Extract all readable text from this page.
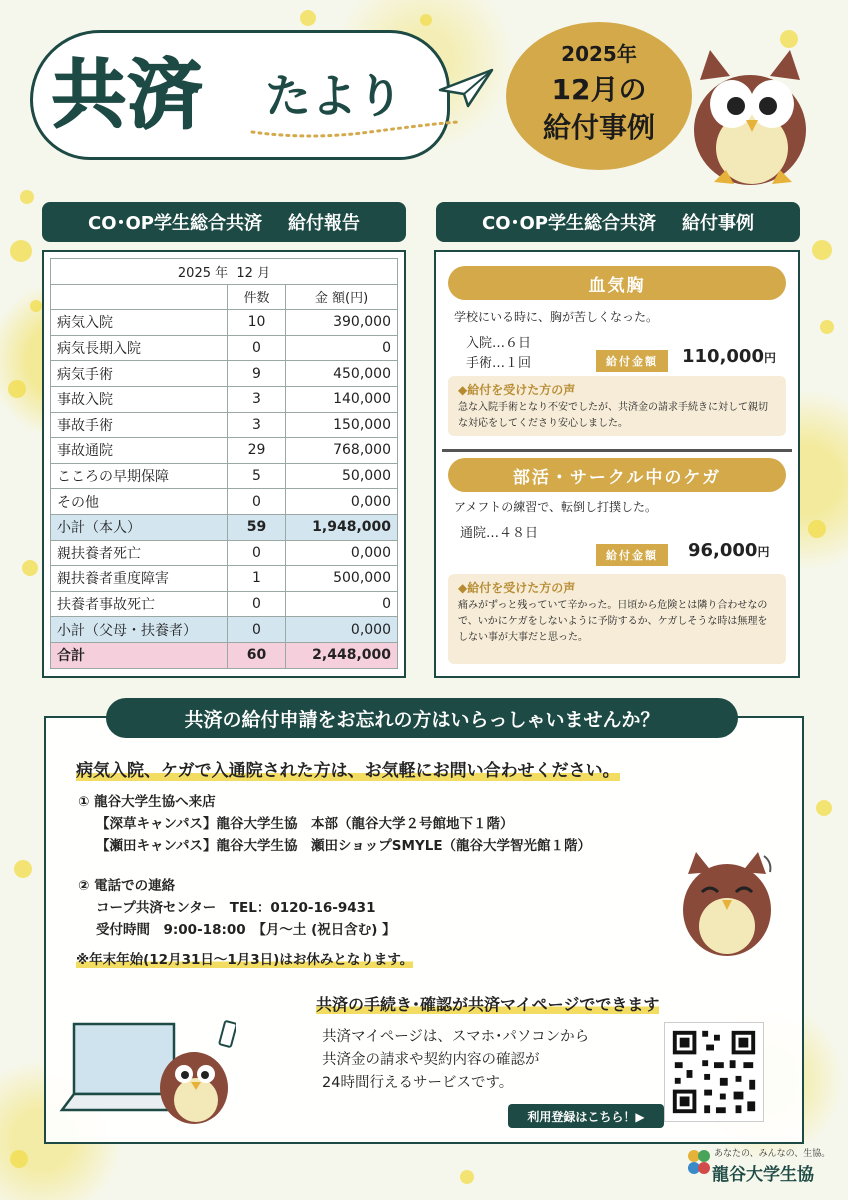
共済 たより
2025年
12月の
給付事例
CO･OP学生総合共済 給付報告	CO･OP学生総合共済 給付事例
2025 年 12 月		
	件数	金 額(円)
病気入院	10	390,000
病気長期入院	0	0
病気手術	9	450,000
事故入院	3	140,000
事故手術	3	150,000
事故通院	29	768,000
こころの早期保障	5	50,000
その他	0	0,000
小計（本人）	59	1,948,000
親扶養者死亡	0	0,000
親扶養者重度障害	1	500,000
扶養者事故死亡	0	0
小計（父母・扶養者）	0	0,000
合計	60	2,448,000
血気胸
学校にいる時に、胸が苦しくなった。
入院…６日
手術…１回	給付金額	110,000円
◆給付を受けた方の声
急な入院手術となり不安でしたが、共済金の請求手続きに対して親切な対応をしてくださり安心しました。
部活・サークル中のケガ
アメフトの練習で、転倒し打撲した。
通院…４８日
給付金額	96,000円
◆給付を受けた方の声
痛みがずっと残っていて辛かった。日頃から危険とは隣り合わせなので、いかにケガをしないように予防するか、ケガしそうな時は無理をしない事が大事だと思った。
共済の給付申請をお忘れの方はいらっしゃいませんか？
病気入院、ケガで入通院された方は、お気軽にお問い合わせください。
① 龍谷大学生協へ来店
【深草キャンパス】龍谷大学生協　本部（龍谷大学２号館地下１階）
【瀬田キャンパス】龍谷大学生協　瀬田ショップSMYLE（龍谷大学智光館１階）
② 電話での連絡
コープ共済センター　TEL：0120-16-9431
受付時間　9:00-18:00　【月～土 (祝日含む) 】
※年末年始(12月31日～1月3日)はお休みとなります。
共済の手続き･確認が共済マイページでできます
共済マイページは、スマホ･パソコンから
共済金の請求や契約内容の確認が
24時間行えるサービスです。
利用登録はこちら！▶
あなたの、みんなの、生協。
龍谷大学生協
